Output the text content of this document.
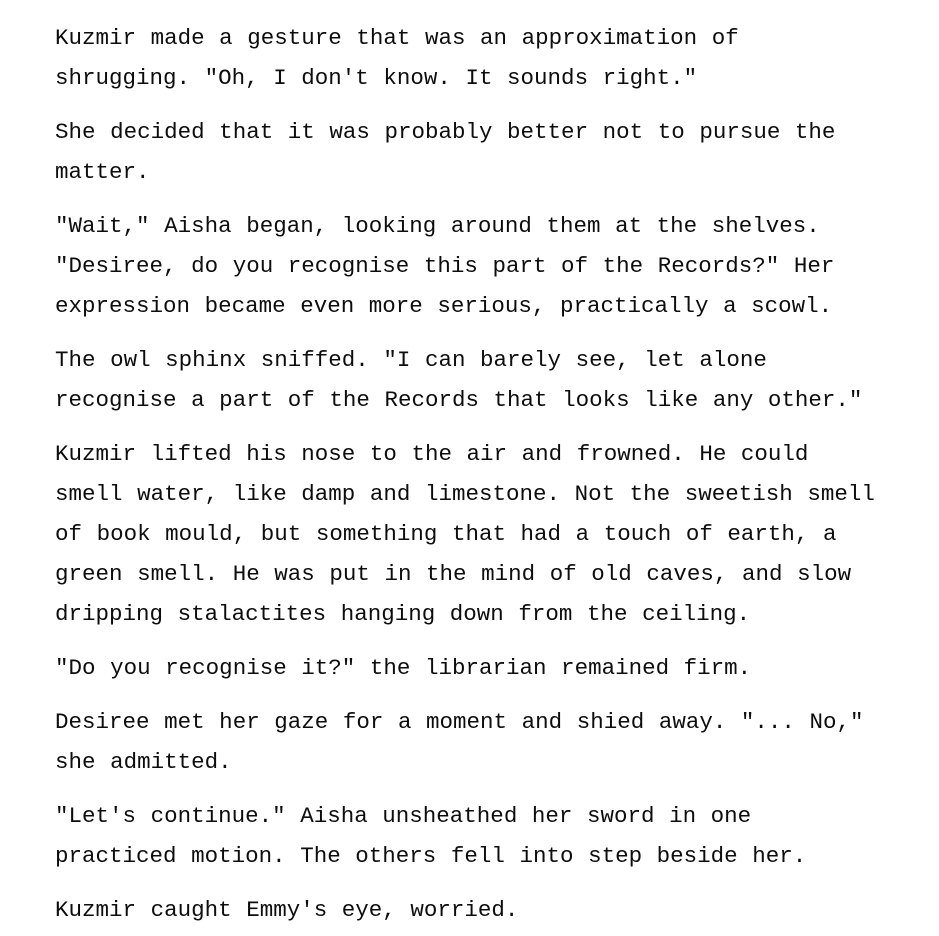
Kuzmir made a gesture that was an approximation of shrugging. "Oh, I don't know. It sounds right."

She decided that it was probably better not to pursue the matter.

"Wait," Aisha began, looking around them at the shelves. "Desiree, do you recognise this part of the Records?" Her expression became even more serious, practically a scowl.

The owl sphinx sniffed. "I can barely see, let alone recognise a part of the Records that looks like any other."

Kuzmir lifted his nose to the air and frowned. He could smell water, like damp and limestone. Not the sweetish smell of book mould, but something that had a touch of earth, a green smell. He was put in the mind of old caves, and slow dripping stalactites hanging down from the ceiling.

"Do you recognise it?" the librarian remained firm.

Desiree met her gaze for a moment and shied away. "... No," she admitted.

"Let's continue." Aisha unsheathed her sword in one practiced motion. The others fell into step beside her.

Kuzmir caught Emmy's eye, worried.
